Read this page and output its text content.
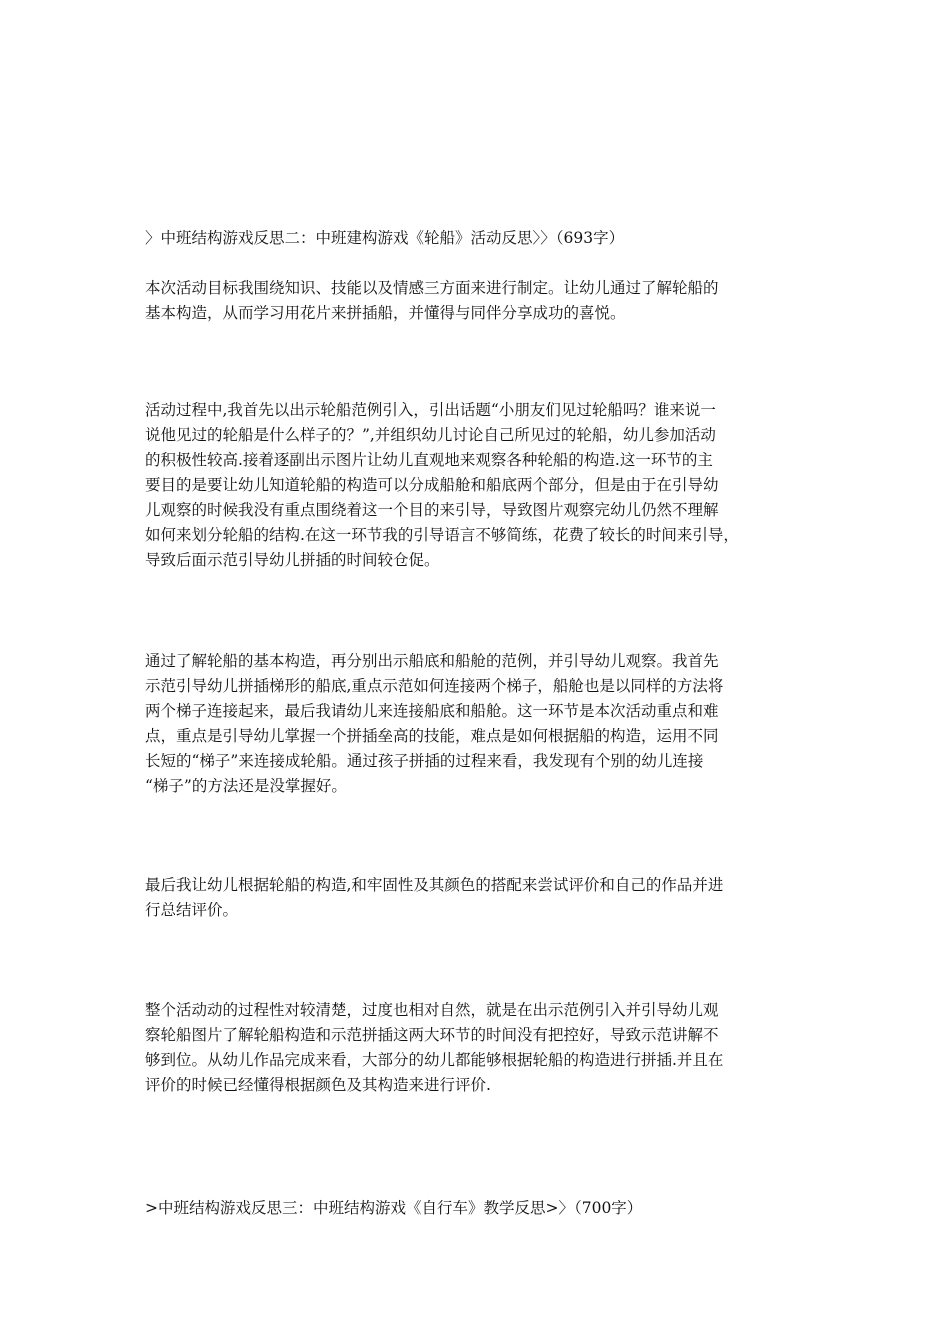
〉中班结构游戏反思二：中班建构游戏《轮船》活动反思〉〉（693字）
本次活动目标我围绕知识、技能以及情感三方面来进行制定。让幼儿通过了解轮船的
基本构造，从而学习用花片来拼插船，并懂得与同伴分享成功的喜悦。
活动过程中,我首先以出示轮船范例引入，引出话题“小朋友们见过轮船吗？谁来说一
说他见过的轮船是什么样子的？”,并组织幼儿讨论自己所见过的轮船，幼儿参加活动
的积极性较高.接着逐副出示图片让幼儿直观地来观察各种轮船的构造.这一环节的主
要目的是要让幼儿知道轮船的构造可以分成船舱和船底两个部分，但是由于在引导幼
儿观察的时候我没有重点围绕着这一个目的来引导，导致图片观察完幼儿仍然不理解
如何来划分轮船的结构.在这一环节我的引导语言不够简练，花费了较长的时间来引导，
导致后面示范引导幼儿拼插的时间较仓促。
通过了解轮船的基本构造，再分别出示船底和船舱的范例，并引导幼儿观察。我首先
示范引导幼儿拼插梯形的船底,重点示范如何连接两个梯子，船舱也是以同样的方法将
两个梯子连接起来，最后我请幼儿来连接船底和船舱。这一环节是本次活动重点和难
点，重点是引导幼儿掌握一个拼插垒高的技能，难点是如何根据船的构造，运用不同
长短的“梯子”来连接成轮船。通过孩子拼插的过程来看，我发现有个别的幼儿连接
“梯子”的方法还是没掌握好。
最后我让幼儿根据轮船的构造,和牢固性及其颜色的搭配来尝试评价和自己的作品并进
行总结评价。
整个活动动的过程性对较清楚，过度也相对自然，就是在出示范例引入并引导幼儿观
察轮船图片了解轮船构造和示范拼插这两大环节的时间没有把控好，导致示范讲解不
够到位。从幼儿作品完成来看，大部分的幼儿都能够根据轮船的构造进行拼插.并且在
评价的时候已经懂得根据颜色及其构造来进行评价.
>中班结构游戏反思三：中班结构游戏《自行车》教学反思>〉（700字）
